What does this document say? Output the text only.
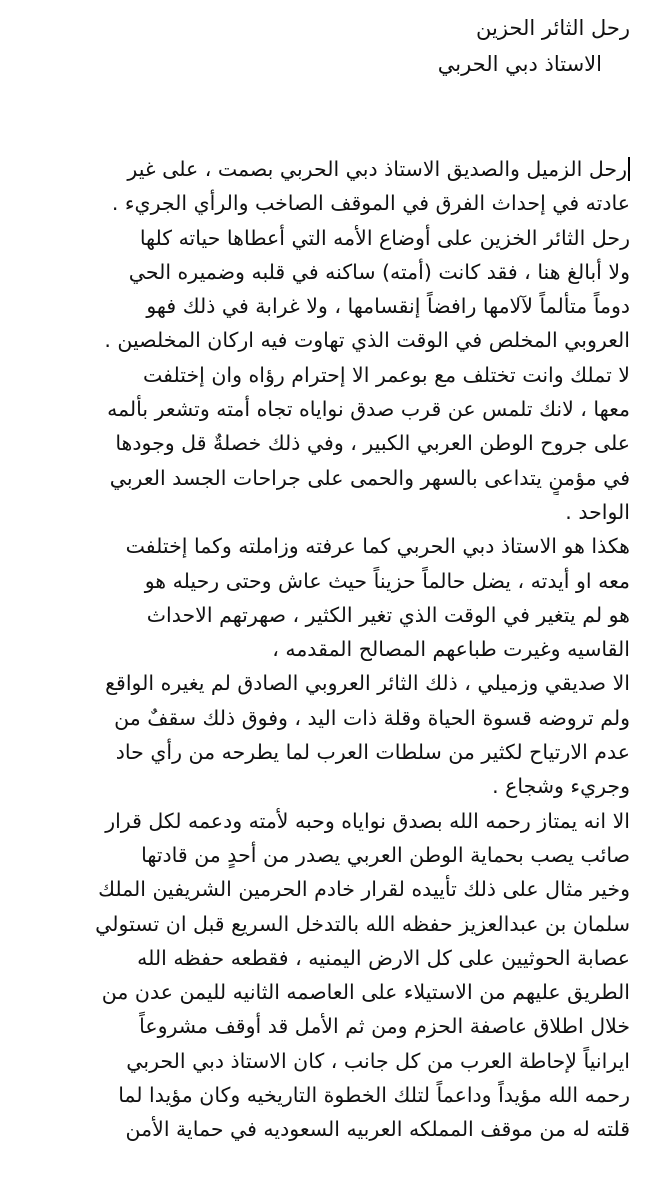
رحل الثائر الحزين
الاستاذ دبي الحربي
رحل الزميل والصديق الاستاذ دبي الحربي بصمت ، على غير
عادته في إحداث الفرق في الموقف الصاخب والرأي الجريء .
رحل الثائر الخزين على أوضاع الأمه التي أعطاها حياته كلها
ولا أبالغ هنا ، فقد كانت (أمته) ساكنه في قلبه وضميره الحي
دوماً متألماً لآلامها رافضاً إنقسامها ، ولا غرابة في ذلك فهو
العروبي المخلص في الوقت الذي تهاوت فيه اركان المخلصين .
لا تملك وانت تختلف مع بوعمر الا إحترام رؤاه وان إختلفت
معها ، لانك تلمس عن قرب صدق نواياه تجاه أمته وتشعر بألمه
على جروح الوطن العربي الكبير ، وفي ذلك خصلةٌ قل وجودها
في مؤمنٍ يتداعى بالسهر والحمى على جراحات الجسد العربي
الواحد .
هكذا هو الاستاذ دبي الحربي كما عرفته وزاملته وكما إختلفت
معه او أيدته ، يضل حالماً حزيناً حيث عاش وحتى رحيله هو
هو لم يتغير في الوقت الذي تغير الكثير ، صهرتهم الاحداث
القاسيه وغيرت طباعهم المصالح المقدمه ،
الا صديقي وزميلي ، ذلك الثائر العروبي الصادق لم يغيره الواقع
ولم تروضه قسوة الحياة وقلة ذات اليد ، وفوق ذلك سقفٌ من
عدم الارتياح لكثير من سلطات العرب لما يطرحه من رأي حاد
وجريء وشجاع .
الا انه يمتاز رحمه الله بصدق نواياه وحبه لأمته ودعمه لكل قرار
صائب يصب بحماية الوطن العربي يصدر من أحدٍ من قادتها
وخير مثال على ذلك تأييده لقرار خادم الحرمين الشريفين الملك
سلمان بن عبدالعزيز حفظه الله بالتدخل السريع قبل ان تستولي
عصابة الحوثيين على كل الارض اليمنيه ، فقطعه حفظه الله
الطريق عليهم من الاستيلاء على العاصمه الثانيه لليمن عدن من
خلال اطلاق عاصفة الحزم ومن ثم الأمل قد أوقف مشروعاً
ايرانياً لإحاطة العرب من كل جانب ، كان الاستاذ دبي الحربي
رحمه الله مؤيداً وداعماً لتلك الخطوة التاريخيه وكان مؤيدا لما
قلته له من موقف المملكه العربيه السعوديه في حماية الأمن
